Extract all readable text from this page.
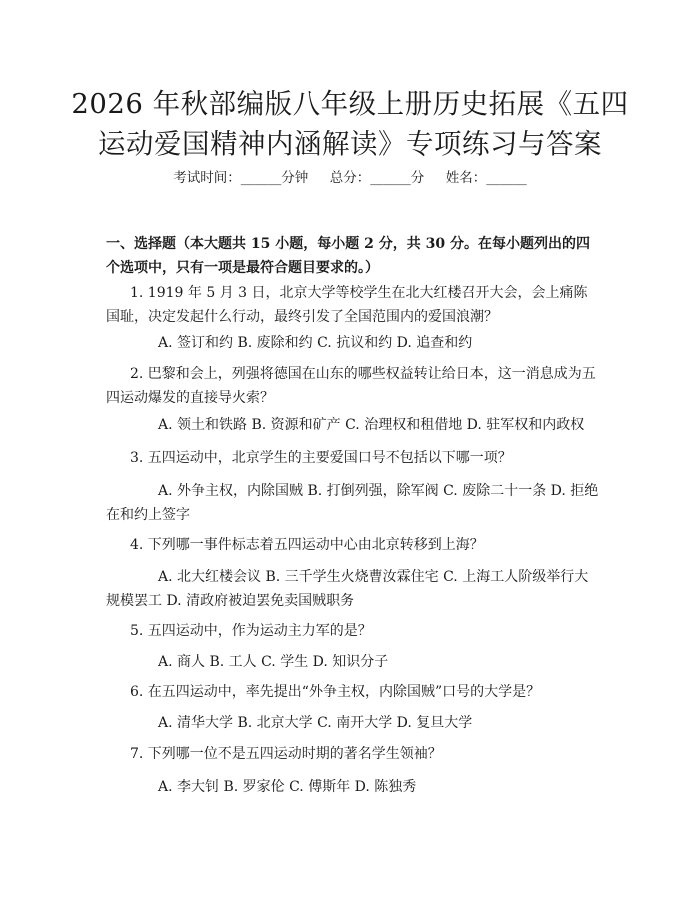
2026 年秋部编版八年级上册历史拓展《五四
运动爱国精神内涵解读》专项练习与答案
考试时间：______分钟     总分：______分     姓名：______
一、选择题（本大题共 15 小题，每小题 2 分，共 30 分。在每小题列出的四个选项中，只有一项是最符合题目要求的。）
1. 1919 年 5 月 3 日，北京大学等校学生在北大红楼召开大会，会上痛陈国耻，决定发起什么行动，最终引发了全国范围内的爱国浪潮？
A. 签订和约 B. 废除和约 C. 抗议和约 D. 追查和约
2. 巴黎和会上，列强将德国在山东的哪些权益转让给日本，这一消息成为五四运动爆发的直接导火索？
A. 领土和铁路 B. 资源和矿产 C. 治理权和租借地 D. 驻军权和内政权
3. 五四运动中，北京学生的主要爱国口号不包括以下哪一项？
A. 外争主权，内除国贼 B. 打倒列强，除军阀 C. 废除二十一条 D. 拒绝在和约上签字
4. 下列哪一事件标志着五四运动中心由北京转移到上海？
A. 北大红楼会议 B. 三千学生火烧曹汝霖住宅 C. 上海工人阶级举行大规模罢工 D. 清政府被迫罢免卖国贼职务
5. 五四运动中，作为运动主力军的是？
A. 商人 B. 工人 C. 学生 D. 知识分子
6. 在五四运动中，率先提出“外争主权，内除国贼”口号的大学是？
A. 清华大学 B. 北京大学 C. 南开大学 D. 复旦大学
7. 下列哪一位不是五四运动时期的著名学生领袖？
A. 李大钊 B. 罗家伦 C. 傅斯年 D. 陈独秀
